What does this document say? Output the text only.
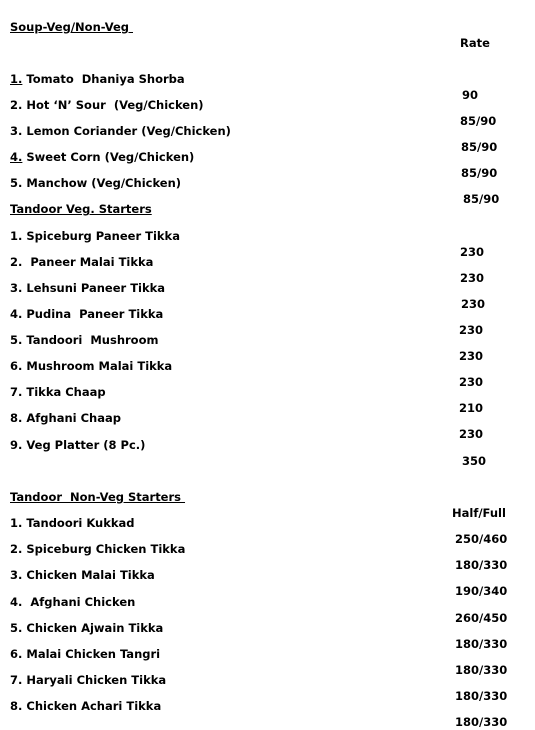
Soup-Veg/Non-Veg

Rate

1. Tomato  Dhaniya Shorba

90

2. Hot ‘N’ Sour  (Veg/Chicken)

85/90

3. Lemon Coriander (Veg/Chicken)

85/90

4. Sweet Corn (Veg/Chicken)

85/90

5. Manchow (Veg/Chicken)

85/90

Tandoor Veg. Starters

1. Spiceburg Paneer Tikka

230

2.  Paneer Malai Tikka

230

3. Lehsuni Paneer Tikka

230

4. Pudina  Paneer Tikka

230

5. Tandoori  Mushroom

230

6. Mushroom Malai Tikka

230

7. Tikka Chaap

210

8. Afghani Chaap

230

9. Veg Platter (8 Pc.)

350

Tandoor  Non-Veg Starters

Half/Full

1. Tandoori Kukkad

250/460

2. Spiceburg Chicken Tikka

180/330

3. Chicken Malai Tikka

190/340

4.  Afghani Chicken

260/450

5. Chicken Ajwain Tikka

180/330

6. Malai Chicken Tangri

180/330

7. Haryali Chicken Tikka

180/330

8. Chicken Achari Tikka

180/330
